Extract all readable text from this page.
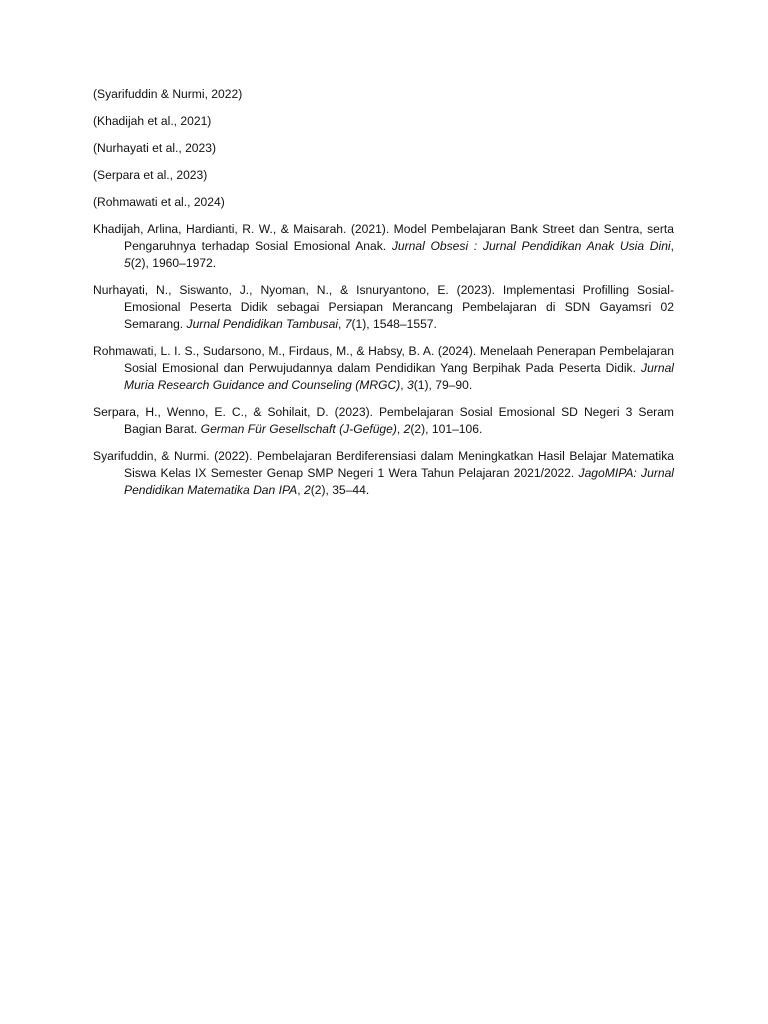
(Syarifuddin & Nurmi, 2022)

(Khadijah et al., 2021)

(Nurhayati et al., 2023)

(Serpara et al., 2023)

(Rohmawati et al., 2024)

Khadijah, Arlina, Hardianti, R. W., & Maisarah. (2021). Model Pembelajaran Bank Street dan Sentra, serta Pengaruhnya terhadap Sosial Emosional Anak. Jurnal Obsesi : Jurnal Pendidikan Anak Usia Dini, 5(2), 1960–1972.

Nurhayati, N., Siswanto, J., Nyoman, N., & Isnuryantono, E. (2023). Implementasi Profilling Sosial-Emosional Peserta Didik sebagai Persiapan Merancang Pembelajaran di SDN Gayamsri 02 Semarang. Jurnal Pendidikan Tambusai, 7(1), 1548–1557.

Rohmawati, L. I. S., Sudarsono, M., Firdaus, M., & Habsy, B. A. (2024). Menelaah Penerapan Pembelajaran Sosial Emosional dan Perwujudannya dalam Pendidikan Yang Berpihak Pada Peserta Didik. Jurnal Muria Research Guidance and Counseling (MRGC), 3(1), 79–90.

Serpara, H., Wenno, E. C., & Sohilait, D. (2023). Pembelajaran Sosial Emosional SD Negeri 3 Seram Bagian Barat. German Für Gesellschaft (J-Gefüge), 2(2), 101–106.

Syarifuddin, & Nurmi. (2022). Pembelajaran Berdiferensiasi dalam Meningkatkan Hasil Belajar Matematika Siswa Kelas IX Semester Genap SMP Negeri 1 Wera Tahun Pelajaran 2021/2022. JagoMIPA: Jurnal Pendidikan Matematika Dan IPA, 2(2), 35–44.
